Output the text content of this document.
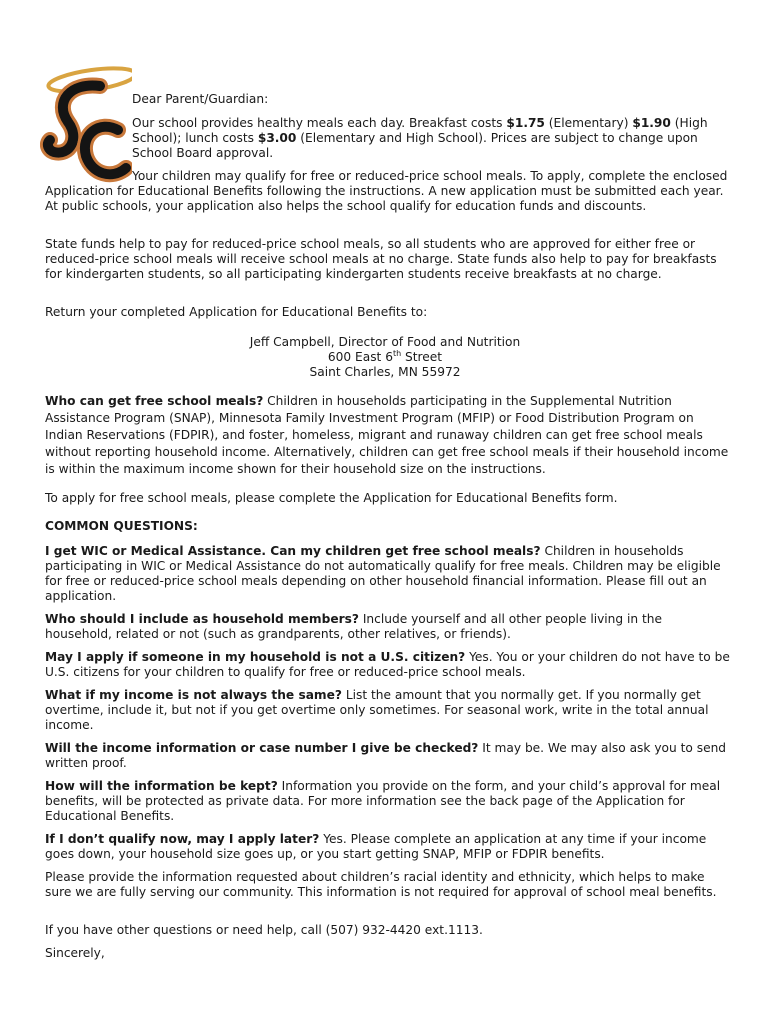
Dear Parent/Guardian:

Our school provides healthy meals each day. Breakfast costs $1.75 (Elementary) $1.90 (High School); lunch costs $3.00 (Elementary and High School). Prices are subject to change upon School Board approval.

Your children may qualify for free or reduced-price school meals. To apply, complete the enclosed Application for Educational Benefits following the instructions. A new application must be submitted each year. At public schools, your application also helps the school qualify for education funds and discounts.

State funds help to pay for reduced-price school meals, so all students who are approved for either free or reduced-price school meals will receive school meals at no charge. State funds also help to pay for breakfasts for kindergarten students, so all participating kindergarten students receive breakfasts at no charge.

Return your completed Application for Educational Benefits to:

Jeff Campbell, Director of Food and Nutrition

600 East 6th Street

Saint Charles, MN 55972

Who can get free school meals? Children in households participating in the Supplemental Nutrition Assistance Program (SNAP), Minnesota Family Investment Program (MFIP) or Food Distribution Program on Indian Reservations (FDPIR), and foster, homeless, migrant and runaway children can get free school meals without reporting household income. Alternatively, children can get free school meals if their household income is within the maximum income shown for their household size on the instructions.

To apply for free school meals, please complete the Application for Educational Benefits form.

COMMON QUESTIONS:

I get WIC or Medical Assistance. Can my children get free school meals? Children in households participating in WIC or Medical Assistance do not automatically qualify for free meals. Children may be eligible for free or reduced-price school meals depending on other household financial information. Please fill out an application.

Who should I include as household members? Include yourself and all other people living in the household, related or not (such as grandparents, other relatives, or friends).

May I apply if someone in my household is not a U.S. citizen? Yes. You or your children do not have to be U.S. citizens for your children to qualify for free or reduced-price school meals.

What if my income is not always the same? List the amount that you normally get. If you normally get overtime, include it, but not if you get overtime only sometimes. For seasonal work, write in the total annual income.

Will the income information or case number I give be checked? It may be. We may also ask you to send written proof.

How will the information be kept? Information you provide on the form, and your child’s approval for meal benefits, will be protected as private data. For more information see the back page of the Application for Educational Benefits.

If I don’t qualify now, may I apply later? Yes. Please complete an application at any time if your income goes down, your household size goes up, or you start getting SNAP, MFIP or FDPIR benefits.

Please provide the information requested about children’s racial identity and ethnicity, which helps to make sure we are fully serving our community. This information is not required for approval of school meal benefits.

If you have other questions or need help, call (507) 932-4420 ext.1113.

Sincerely,
